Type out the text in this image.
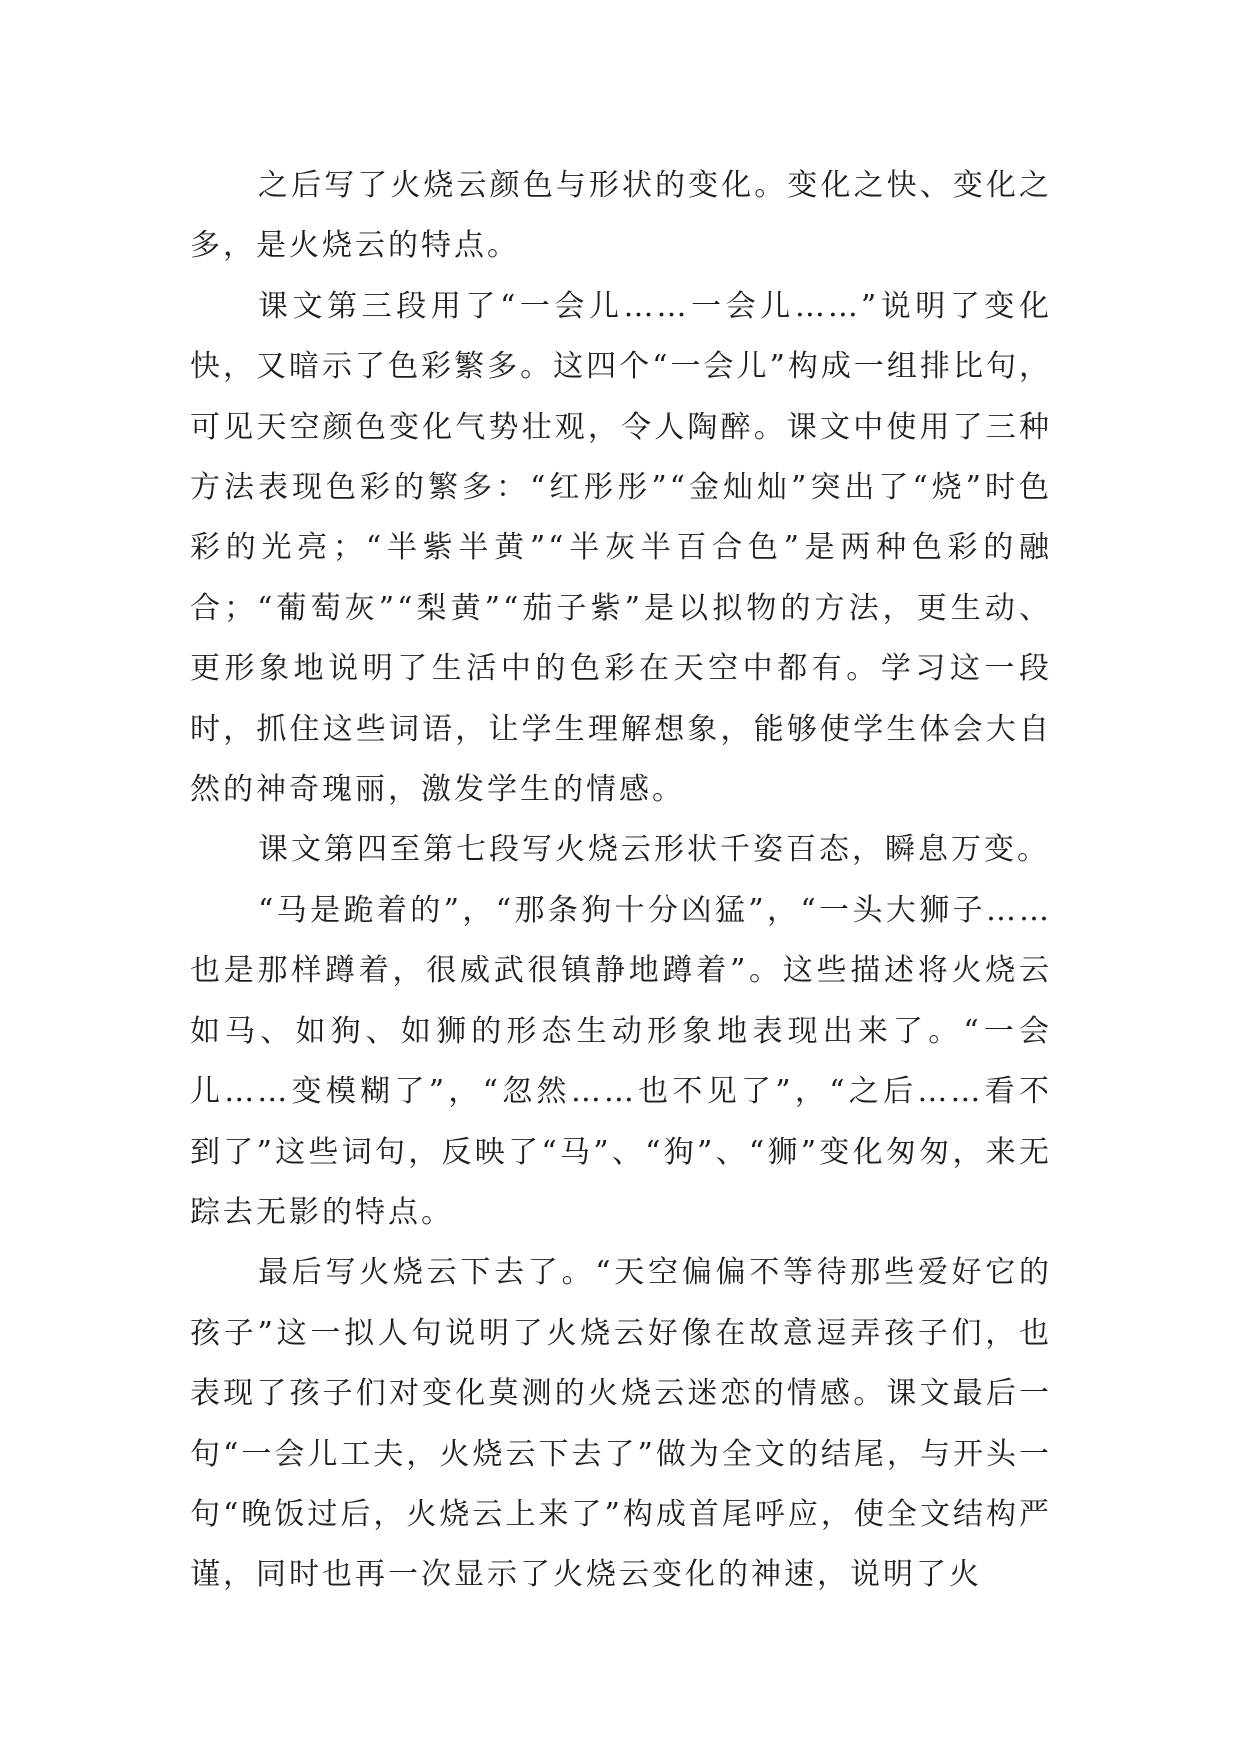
之后写了火烧云颜色与形状的变化。变化之快、变化之多，是火烧云的特点。

课文第三段用了“一会儿……一会儿……”说明了变化快，又暗示了色彩繁多。这四个“一会儿”构成一组排比句，可见天空颜色变化气势壮观，令人陶醉。课文中使用了三种方法表现色彩的繁多：“红彤彤”“金灿灿”突出了“烧”时色彩的光亮；“半紫半黄”“半灰半百合色”是两种色彩的融合；“葡萄灰”“梨黄”“茄子紫”是以拟物的方法，更生动、更形象地说明了生活中的色彩在天空中都有。学习这一段时，抓住这些词语，让学生理解想象，能够使学生体会大自然的神奇瑰丽，激发学生的情感。

课文第四至第七段写火烧云形状千姿百态，瞬息万变。

“马是跪着的”，“那条狗十分凶猛”，“一头大狮子……也是那样蹲着，很威武很镇静地蹲着”。这些描述将火烧云如马、如狗、如狮的形态生动形象地表现出来了。“一会儿……变模糊了”，“忽然……也不见了”，“之后……看不到了”这些词句，反映了“马”、“狗”、“狮”变化匆匆，来无踪去无影的特点。

最后写火烧云下去了。“天空偏偏不等待那些爱好它的孩子”这一拟人句说明了火烧云好像在故意逗弄孩子们，也表现了孩子们对变化莫测的火烧云迷恋的情感。课文最后一句“一会儿工夫，火烧云下去了”做为全文的结尾，与开头一句“晚饭过后，火烧云上来了”构成首尾呼应，使全文结构严谨，同时也再一次显示了火烧云变化的神速，说明了火
